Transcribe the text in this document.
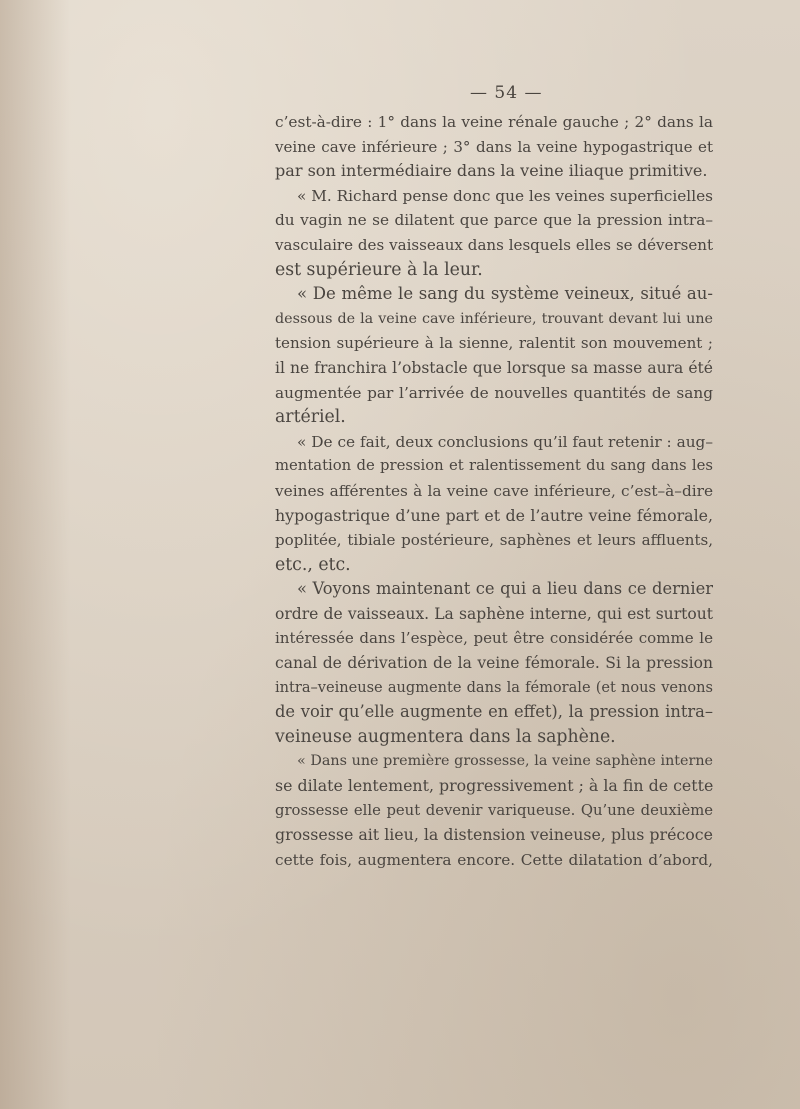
— 54 —
c’est-à-dire : 1° dans la veine rénale gauche ; 2° dans la
veine cave inférieure ; 3° dans la veine hypogastrique et
par son intermédiaire dans la veine iliaque primitive.
« M. Richard pense donc que les veines superficielles
du vagin ne se dilatent que parce que la pression intra–
vasculaire des vaisseaux dans lesquels elles se déversent
est supérieure à la leur.
« De même le sang du système veineux, situé au-
dessous de la veine cave inférieure, trouvant devant lui une
tension supérieure à la sienne, ralentit son mouvement ;
il ne franchira l’obstacle que lorsque sa masse aura été
augmentée par l’arrivée de nouvelles quantités de sang
artériel.
« De ce fait, deux conclusions qu’il faut retenir : aug–
mentation de pression et ralentissement du sang dans les
veines afférentes à la veine cave inférieure, c’est–à–dire
hypogastrique d’une part et de l’autre veine fémorale,
poplitée, tibiale postérieure, saphènes et leurs affluents,
etc., etc.
« Voyons maintenant ce qui a lieu dans ce dernier
ordre de vaisseaux. La saphène interne, qui est surtout
intéressée dans l’espèce, peut être considérée comme le
canal de dérivation de la veine fémorale. Si la pression
intra–veineuse augmente dans la fémorale (et nous venons
de voir qu’elle augmente en effet), la pression intra–
veineuse augmentera dans la saphène.
« Dans une première grossesse, la veine saphène interne
se dilate lentement, progressivement ; à la fin de cette
grossesse elle peut devenir variqueuse. Qu’une deuxième
grossesse ait lieu, la distension veineuse, plus précoce
cette fois, augmentera encore. Cette dilatation d’abord,
